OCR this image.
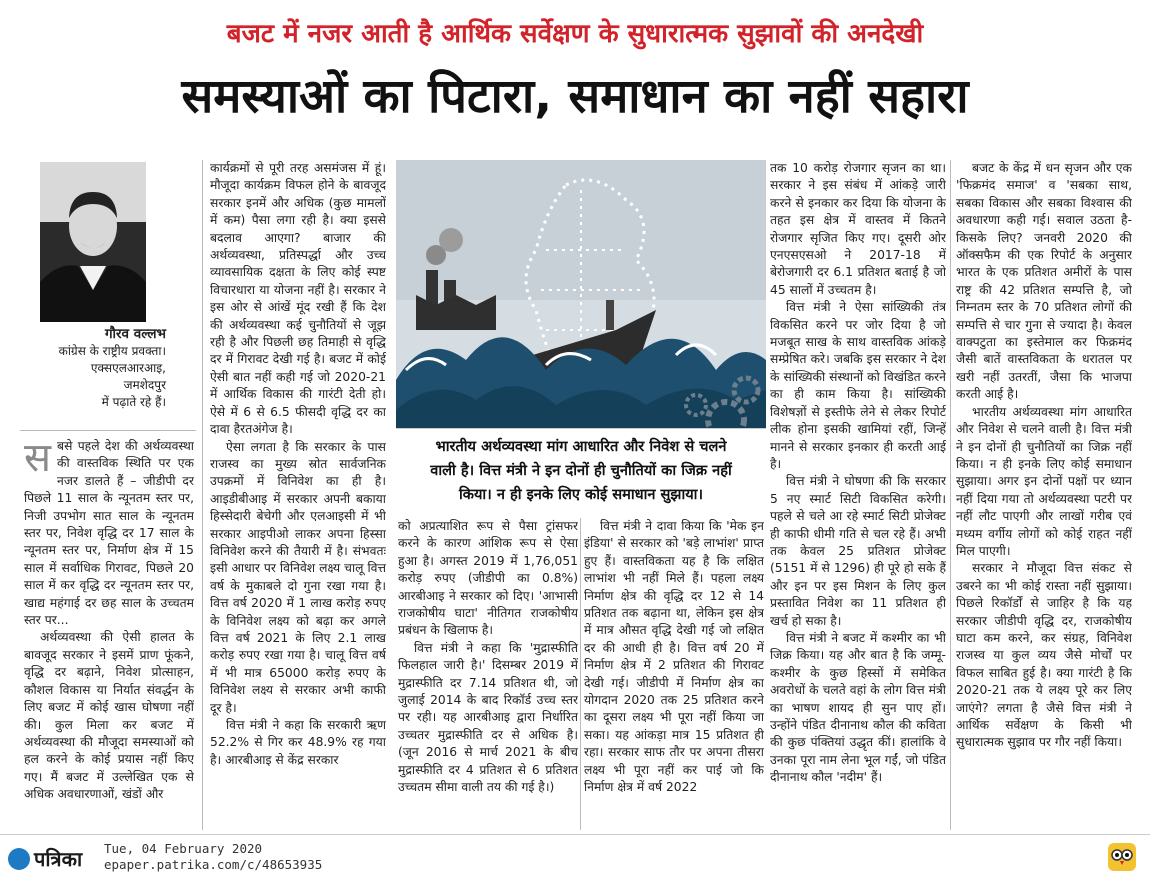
बजट में नजर आती है आर्थिक सर्वेक्षण के सुधारात्मक सुझावों की अनदेखी
समस्याओं का पिटारा, समाधान का नहीं सहारा
गौरव वल्लभ
कांग्रेस के राष्ट्रीय प्रवक्ता।
एक्सएलआरआइ,
जमशेदपुर
में पढ़ाते रहे हैं।

सबसे पहले देश की अर्थव्यवस्था की वास्तविक स्थिति पर एक नजर डालते हैं – जीडीपी दर पिछले 11 साल के न्यूनतम स्तर पर, निजी उपभोग सात साल के न्यूनतम स्तर पर, निवेश वृद्धि दर 17 साल के न्यूनतम स्तर पर, निर्माण क्षेत्र में 15 साल में सर्वाधिक गिरावट, पिछले 20 साल में कर वृद्धि दर न्यूनतम स्तर पर, खाद्य महंगाई दर छह साल के उच्चतम स्तर पर...

अर्थव्यवस्था की ऐसी हालत के बावजूद सरकार ने इसमें प्राण फूंकने, वृद्धि दर बढ़ाने, निवेश प्रोत्साहन, कौशल विकास या निर्यात संवर्द्धन के लिए बजट में कोई खास घोषणा नहीं की। कुल मिला कर बजट में अर्थव्यवस्था की मौजूदा समस्याओं को हल करने के कोई प्रयास नहीं किए गए। मैं बजट में उल्लेखित एक से अधिक अवधारणाओं, खंडों और

कार्यक्रमों से पूरी तरह असमंजस में हूं। मौजूदा कार्यक्रम विफल होने के बावजूद सरकार इनमें और अधिक (कुछ मामलों में कम) पैसा लगा रही है। क्या इससे बदलाव आएगा? बाजार की अर्थव्यवस्था, प्रतिस्पर्द्धा और उच्च व्यावसायिक दक्षता के लिए कोई स्पष्ट विचारधारा या योजना नहीं है। सरकार ने इस ओर से आंखें मूंद रखी हैं कि देश की अर्थव्यवस्था कई चुनौतियों से जूझ रही है और पिछली छह तिमाही से वृद्धि दर में गिरावट देखी गई है। बजट में कोई ऐसी बात नहीं कही गई जो 2020-21 में आर्थिक विकास की गारंटी देती हो। ऐसे में 6 से 6.5 फीसदी वृद्धि दर का दावा हैरतअंगेज है।

ऐसा लगता है कि सरकार के पास राजस्व का मुख्य स्रोत सार्वजनिक उपक्रमों में विनिवेश का ही है। आइडीबीआइ में सरकार अपनी बकाया हिस्सेदारी बेचेगी और एलआइसी में भी सरकार आइपीओ लाकर अपना हिस्सा विनिवेश करने की तैयारी में है। संभवतः इसी आधार पर विनिवेश लक्ष्य चालू वित्त वर्ष के मुकाबले दो गुना रखा गया है। वित्त वर्ष 2020 में 1 लाख करोड़ रुपए के विनिवेश लक्ष्य को बढ़ा कर अगले वित्त वर्ष 2021 के लिए 2.1 लाख करोड़ रुपए रखा गया है। चालू वित्त वर्ष में भी मात्र 65000 करोड़ रुपए के विनिवेश लक्ष्य से सरकार अभी काफी दूर है।

वित्त मंत्री ने कहा कि सरकारी ऋण 52.2% से गिर कर 48.9% रह गया है। आरबीआइ से केंद्र सरकार

भारतीय अर्थव्यवस्था मांग आधारित और निवेश से चलने
वाली है। वित्त मंत्री ने इन दोनों ही चुनौतियों का जिक्र नहीं
किया। न ही इनके लिए कोई समाधान सुझाया।

को अप्रत्याशित रूप से पैसा ट्रांसफर करने के कारण आंशिक रूप से ऐसा हुआ है। अगस्त 2019 में 1,76,051 करोड़ रुपए (जीडीपी का 0.8%) आरबीआइ ने सरकार को दिए। 'आभासी राजकोषीय घाटा' नीतिगत राजकोषीय प्रबंधन के खिलाफ है।

वित्त मंत्री ने कहा कि 'मुद्रास्फीति फिलहाल जारी है।' दिसम्बर 2019 में मुद्रास्फीति दर 7.14 प्रतिशत थी, जो जुलाई 2014 के बाद रिकॉर्ड उच्च स्तर पर रही। यह आरबीआइ द्वारा निर्धारित उच्चतर मुद्रास्फीति दर से अधिक है। (जून 2016 से मार्च 2021 के बीच मुद्रास्फीति दर 4 प्रतिशत से 6 प्रतिशत उच्चतम सीमा वाली तय की गई है।)

वित्त मंत्री ने दावा किया कि 'मेक इन इंडिया' से सरकार को 'बड़े लाभांश' प्राप्त हुए हैं। वास्तविकता यह है कि लक्षित लाभांश भी नहीं मिले हैं। पहला लक्ष्य निर्माण क्षेत्र की वृद्धि दर 12 से 14 प्रतिशत तक बढ़ाना था, लेकिन इस क्षेत्र में मात्र औसत वृद्धि देखी गई जो लक्षित दर की आधी ही है। वित्त वर्ष 20 में निर्माण क्षेत्र में 2 प्रतिशत की गिरावट देखी गई। जीडीपी में निर्माण क्षेत्र का योगदान 2020 तक 25 प्रतिशत करने का दूसरा लक्ष्य भी पूरा नहीं किया जा सका। यह आंकड़ा मात्र 15 प्रतिशत ही रहा। सरकार साफ तौर पर अपना तीसरा लक्ष्य भी पूरा नहीं कर पाई जो कि निर्माण क्षेत्र में वर्ष 2022

तक 10 करोड़ रोजगार सृजन का था। सरकार ने इस संबंध में आंकड़े जारी करने से इनकार कर दिया कि योजना के तहत इस क्षेत्र में वास्तव में कितने रोजगार सृजित किए गए। दूसरी ओर एनएसएसओ ने 2017-18 में बेरोजगारी दर 6.1 प्रतिशत बताई है जो 45 सालों में उच्चतम है।

वित्त मंत्री ने ऐसा सांख्यिकी तंत्र विकसित करने पर जोर दिया है जो मजबूत साख के साथ वास्तविक आंकड़े सम्प्रेषित करे। जबकि इस सरकार ने देश के सांख्यिकी संस्थानों को विखंडित करने का ही काम किया है। सांख्यिकी विशेषज्ञों से इस्तीफे लेने से लेकर रिपोर्ट लीक होना इसकी खामियां रहीं, जिन्हें मानने से सरकार इनकार ही करती आई है।

वित्त मंत्री ने घोषणा की कि सरकार 5 नए स्मार्ट सिटी विकसित करेगी। पहले से चले आ रहे स्मार्ट सिटी प्रोजेक्ट ही काफी धीमी गति से चल रहे हैं। अभी तक केवल 25 प्रतिशत प्रोजेक्ट (5151 में से 1296) ही पूरे हो सके हैं और इन पर इस मिशन के लिए कुल प्रस्तावित निवेश का 11 प्रतिशत ही खर्च हो सका है।

वित्त मंत्री ने बजट में कश्मीर का भी जिक्र किया। यह और बात है कि जम्मू-कश्मीर के कुछ हिस्सों में समेकित अवरोधों के चलते वहां के लोग वित्त मंत्री का भाषण शायद ही सुन पाए हों। उन्होंने पंडित दीनानाथ कौल की कविता की कुछ पंक्तियां उद्धृत कीं। हालांकि वे उनका पूरा नाम लेना भूल गईं, जो पंडित दीनानाथ कौल 'नदीम' हैं।

बजट के केंद्र में धन सृजन और एक 'फिक्रमंद समाज' व 'सबका साथ, सबका विकास और सबका विश्वास की अवधारणा कही गई। सवाल उठता है- किसके लिए? जनवरी 2020 की ऑक्सफैम की एक रिपोर्ट के अनुसार भारत के एक प्रतिशत अमीरों के पास राष्ट्र की 42 प्रतिशत सम्पत्ति है, जो निम्नतम स्तर के 70 प्रतिशत लोगों की सम्पत्ति से चार गुना से ज्यादा है। केवल वाक्पटुता का इस्तेमाल कर फिक्रमंद जैसी बातें वास्तविकता के धरातल पर खरी नहीं उतरतीं, जैसा कि भाजपा करती आई है।

भारतीय अर्थव्यवस्था मांग आधारित और निवेश से चलने वाली है। वित्त मंत्री ने इन दोनों ही चुनौतियों का जिक्र नहीं किया। न ही इनके लिए कोई समाधान सुझाया। अगर इन दोनों पक्षों पर ध्यान नहीं दिया गया तो अर्थव्यवस्था पटरी पर नहीं लौट पाएगी और लाखों गरीब एवं मध्यम वर्गीय लोगों को कोई राहत नहीं मिल पाएगी।

सरकार ने मौजूदा वित्त संकट से उबरने का भी कोई रास्ता नहीं सुझाया। पिछले रिकॉर्डों से जाहिर है कि यह सरकार जीडीपी वृद्धि दर, राजकोषीय घाटा कम करने, कर संग्रह, विनिवेश राजस्व या कुल व्यय जैसे मोर्चों पर विफल साबित हुई है। क्या गारंटी है कि 2020-21 तक ये लक्ष्य पूरे कर लिए जाएंगे? लगता है जैसे वित्त मंत्री ने आर्थिक सर्वेक्षण के किसी भी सुधारात्मक सुझाव पर गौर नहीं किया।

पत्रिका Tue, 04 February 2020
epaper.patrika.com/c/48653935
